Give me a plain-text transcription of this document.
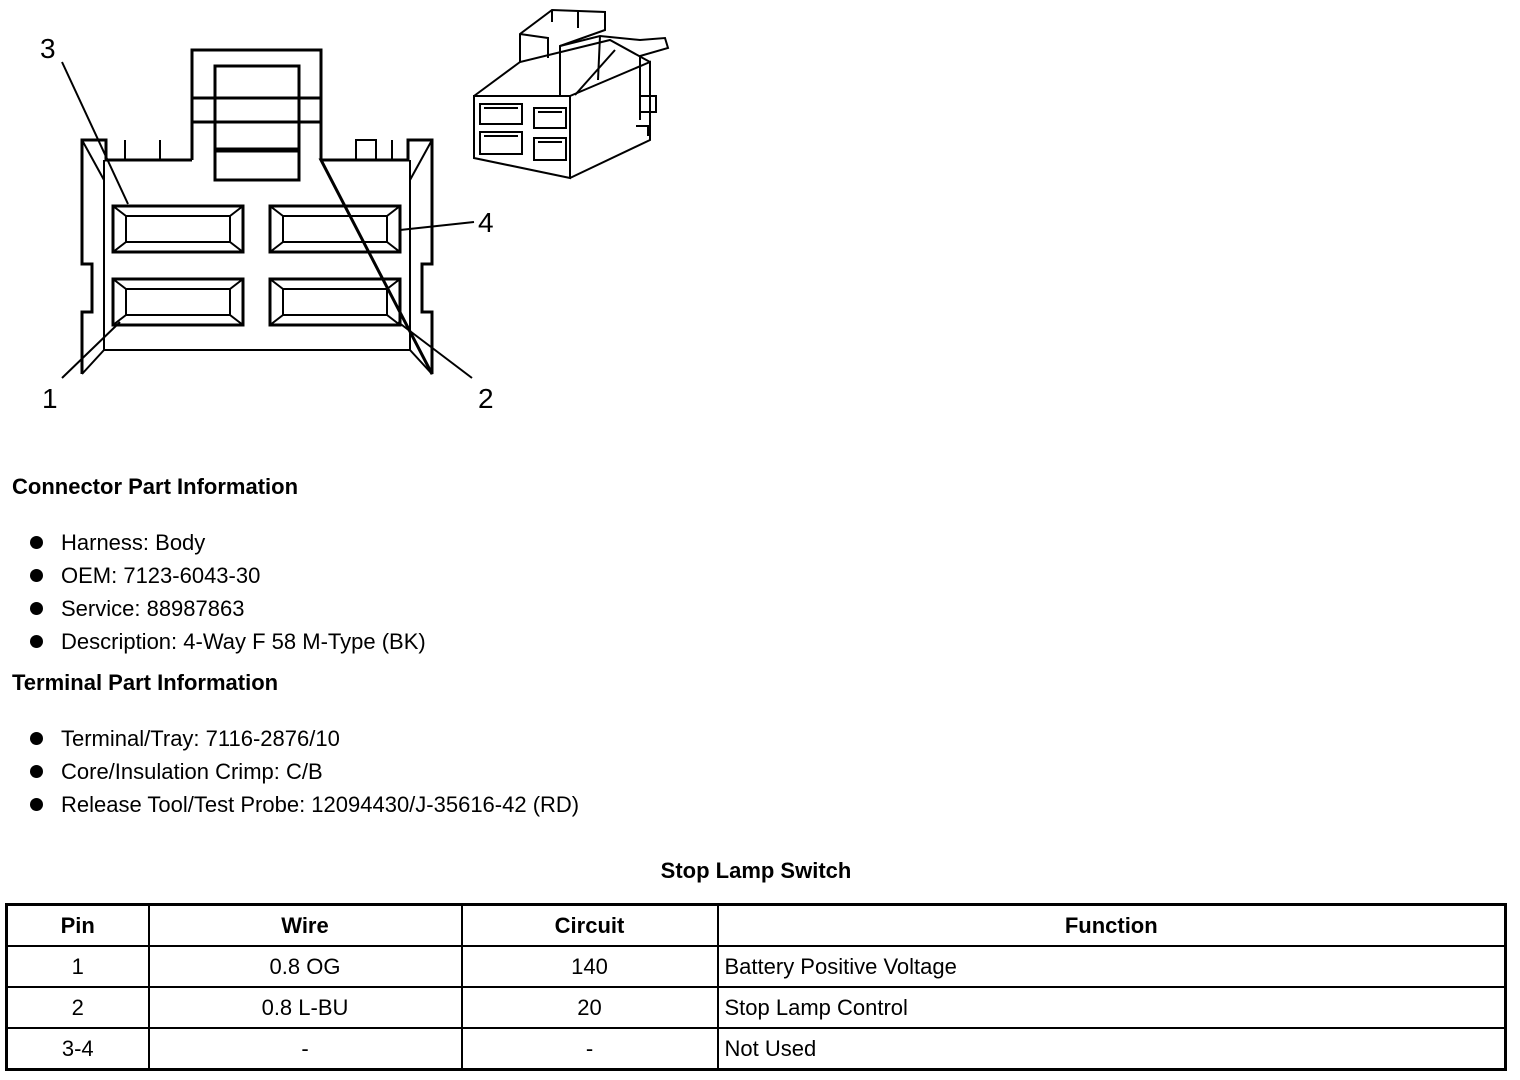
3
4
1	2
Connector Part Information
Harness: Body
OEM: 7123-6043-30
Service: 88987863
Description: 4-Way F 58 M-Type (BK)
Terminal Part Information
Terminal/Tray: 7116-2876/10
Core/Insulation Crimp: C/B
Release Tool/Test Probe: 12094430/J-35616-42 (RD)
Stop Lamp Switch
Pin	Wire	Circuit	Function
1	0.8 OG	140	Battery Positive Voltage
2	0.8 L-BU	20	Stop Lamp Control
3-4	-	-	Not Used
